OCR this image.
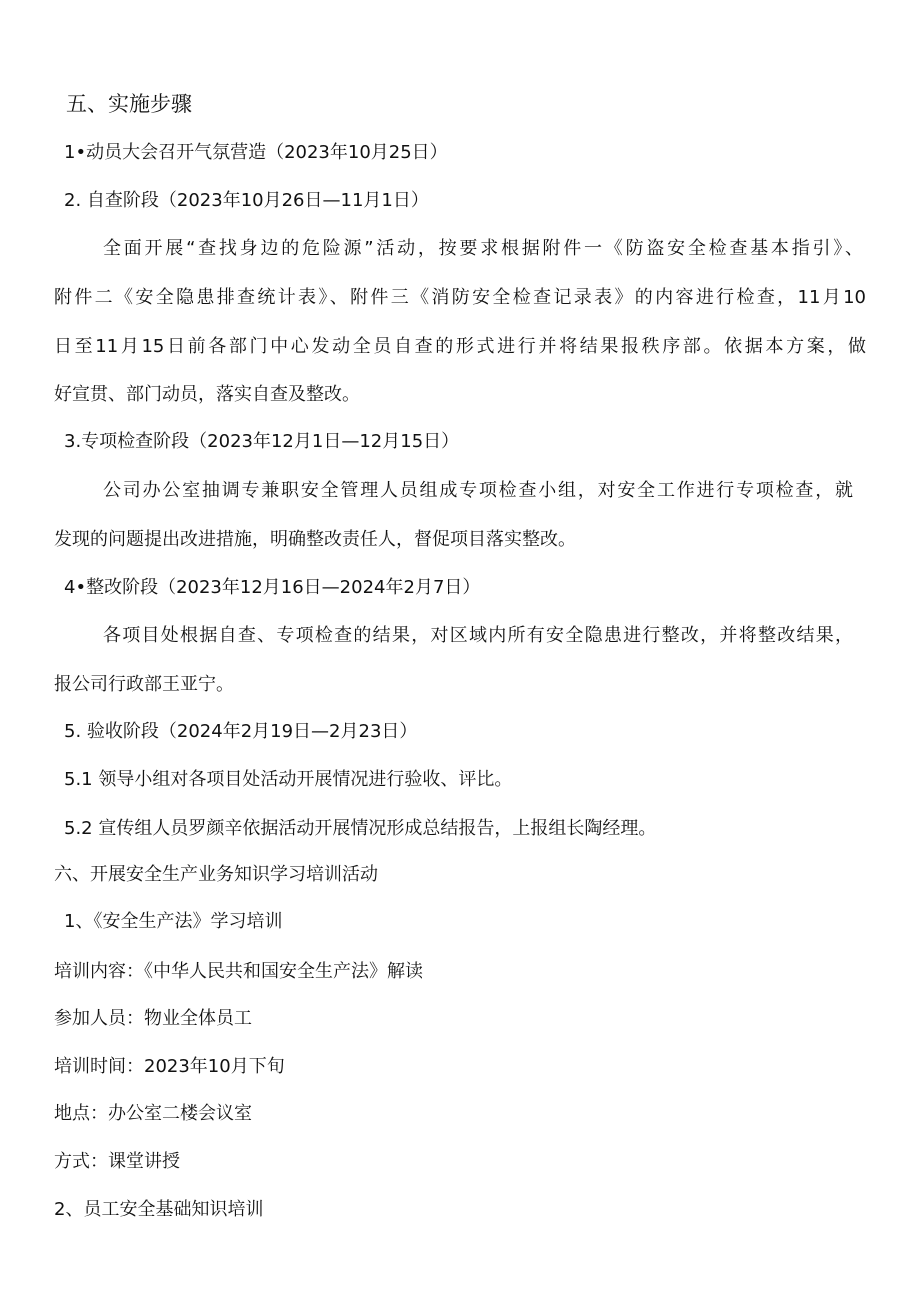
五、实施步骤
1•动员大会召开气氛营造（2023年10月25日）
2. 自查阶段（2023年10月26日—11月1日）
全面开展“查找身边的危险源”活动，按要求根据附件一《防盗安全检查基本指引》、
附件二《安全隐患排查统计表》、附件三《消防安全检查记录表》的内容进行检查，11月10
日至11月15日前各部门中心发动全员自查的形式进行并将结果报秩序部。依据本方案，做
好宣贯、部门动员，落实自查及整改。
3.专项检查阶段（2023年12月1日—12月15日）
公司办公室抽调专兼职安全管理人员组成专项检查小组，对安全工作进行专项检查，就
发现的问题提出改进措施，明确整改责任人，督促项目落实整改。
4•整改阶段（2023年12月16日—2024年2月7日）
各项目处根据自查、专项检查的结果，对区域内所有安全隐患进行整改，并将整改结果，
报公司行政部王亚宁。
5. 验收阶段（2024年2月19日—2月23日）
5.1 领导小组对各项目处活动开展情况进行验收、评比。
5.2 宣传组人员罗颜辛依据活动开展情况形成总结报告，上报组长陶经理。
六、开展安全生产业务知识学习培训活动
1、《安全生产法》学习培训
培训内容：《中华人民共和国安全生产法》解读
参加人员：物业全体员工
培训时间：2023年10月下旬
地点：办公室二楼会议室
方式：课堂讲授
2、员工安全基础知识培训
